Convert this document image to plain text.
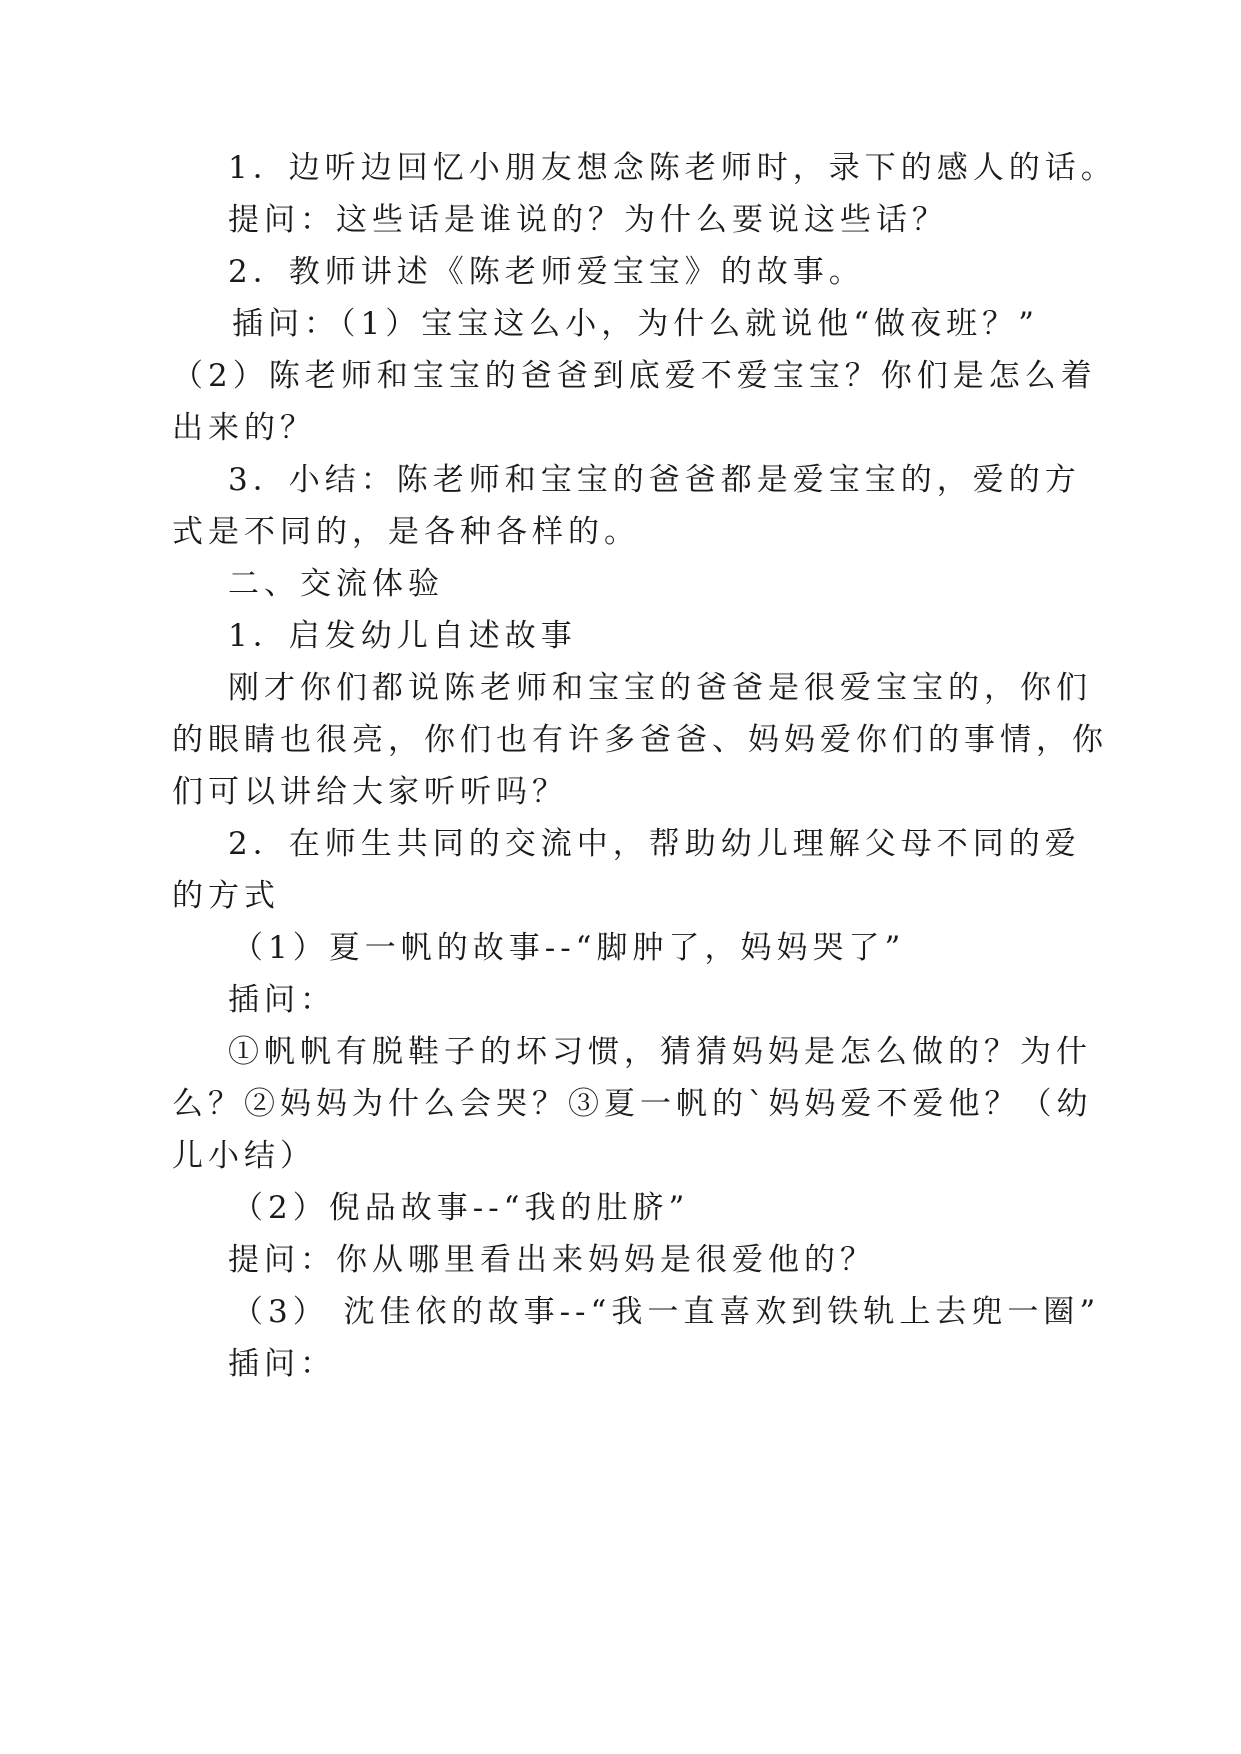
1．边听边回忆小朋友想念陈老师时，录下的感人的话。
提问：这些话是谁说的？为什么要说这些话？
2．教师讲述《陈老师爱宝宝》的故事。
插问：（1）宝宝这么小，为什么就说他“做夜班？”
（2）陈老师和宝宝的爸爸到底爱不爱宝宝？你们是怎么着
出来的？
3．小结：陈老师和宝宝的爸爸都是爱宝宝的，爱的方
式是不同的，是各种各样的。
二、交流体验
1．启发幼儿自述故事
刚才你们都说陈老师和宝宝的爸爸是很爱宝宝的，你们
的眼睛也很亮，你们也有许多爸爸、妈妈爱你们的事情，你
们可以讲给大家听听吗？
2．在师生共同的交流中，帮助幼儿理解父母不同的爱
的方式
（1）夏一帆的故事--“脚肿了，妈妈哭了”
插问：
①帆帆有脱鞋子的坏习惯，猜猜妈妈是怎么做的？为什
么？②妈妈为什么会哭？③夏一帆的`妈妈爱不爱他？（幼
儿小结）
（2）倪品故事--“我的肚脐”
提问：你从哪里看出来妈妈是很爱他的？
（3） 沈佳依的故事--“我一直喜欢到铁轨上去兜一圈”
插问：
